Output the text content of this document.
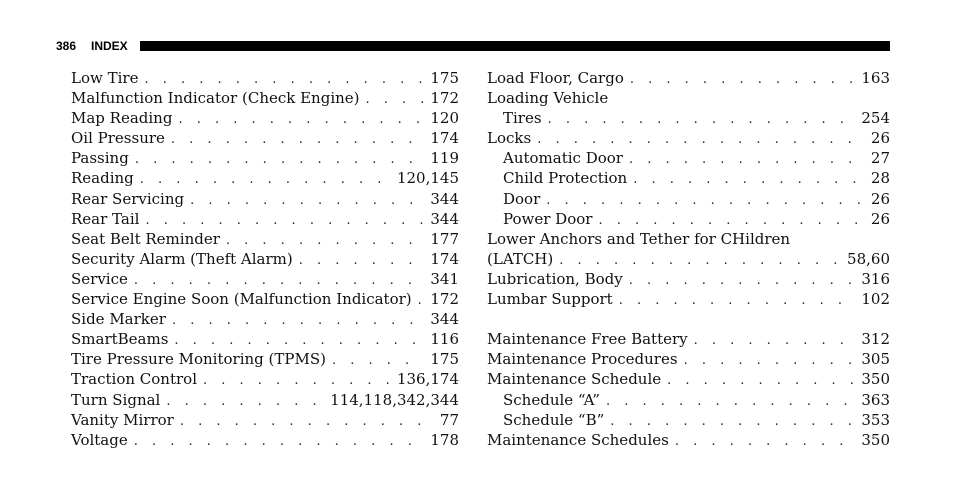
386 INDEX
Low Tire . . .	175
Malfunction Indicator (Check Engine) . . .	172
Map Reading . . .	120
Oil Pressure . . .	174
Passing . . .	119
Reading . . .	120,145
Rear Servicing . . .	344
Rear Tail . . .	344
Seat Belt Reminder . . .	177
Security Alarm (Theft Alarm) . . .	174
Service . . .	341
Service Engine Soon (Malfunction Indicator) . . . 172
Side Marker . . .	344
SmartBeams . . .	116
Tire Pressure Monitoring (TPMS) . . .	175
Traction Control . . .	136,174
Turn Signal . . .	114,118,342,344
Vanity Mirror . . .	77
Voltage . . .	178
Load Floor, Cargo . . .	163
Loading Vehicle
Tires . . .	254
Locks . . .	26
Automatic Door . . .	27
Child Protection . . .	28
Door . . .	26
Power Door . . .	26
Lower Anchors and Tether for CHildren
(LATCH) . . .	58,60
Lubrication, Body . . .	316
Lumbar Support . . .	102
Maintenance Free Battery . . .	312
Maintenance Procedures . . .	305
Maintenance Schedule . . .	350
Schedule “A” . . .	363
Schedule “B” . . .	353
Maintenance Schedules . . .	350
